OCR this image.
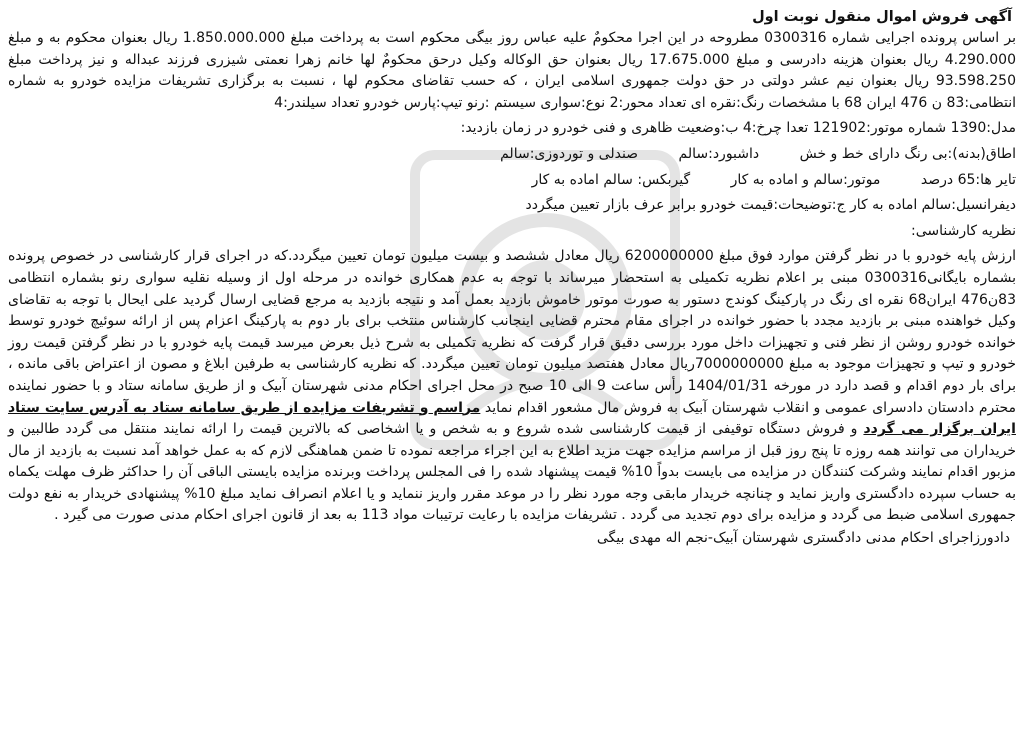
آگهی فروش اموال منقول نوبت اول

بر اساس پرونده اجرایی شماره 0300316 مطروحه در این اجرا محکومٌ علیه عباس روز بیگی محکوم است به پرداخت مبلغ 1.850.000.000 ریال بعنوان محکوم به و مبلغ 4.290.000 ریال بعنوان هزینه دادرسی و مبلغ 17.675.000 ریال بعنوان حق الوکاله وکیل درحق محکومٌ لها خانم زهرا نعمتی شیزری فرزند عبداله و نیز پرداخت مبلغ 93.598.250 ریال بعنوان نیم عشر دولتی در حق دولت جمهوری اسلامی ایران ، که حسب تقاضای محکوم لها ، نسبت به برگزاری تشریفات مزایده خودرو به شماره انتظامی:83 ن 476 ایران 68 با مشخصات رنگ:نقره ای تعداد محور:2 نوع:سواری سیستم :رنو تیپ:پارس خودرو تعداد سیلندر:4

مدل:1390 شماره موتور:121902 تعدا چرخ:4 ب:وضعیت ظاهری و فنی خودرو در زمان بازدید:
اطاق(بدنه):بی رنگ دارای خط و خش داشبورد:سالم صندلی و توردوزی:سالم
تایر ها:65 درصد موتور:سالم و اماده به کار گیربکس: سالم اماده به کار
دیفرانسیل:سالم اماده به کار ج:توضیحات:قیمت خودرو برابر عرف بازار تعیین میگردد
نظریه کارشناسی:

ارزش پایه خودرو با در نظر گرفتن موارد فوق مبلغ 6200000000 ریال معادل ششصد و بیست میلیون تومان تعیین میگردد.که در اجرای قرار کارشناسی در خصوص پرونده بشماره بایگانی0300316 مبنی بر اعلام نظریه تکمیلی به استحضار میرساند با توجه به عدم همکاری خوانده در مرحله اول از وسیله نقلیه سواری رنو بشماره انتظامی 83ن476 ایران68 نقره ای رنگ در پارکینگ کوندج دستور به صورت موتور خاموش بازدید بعمل آمد و نتیجه بازدید به مرجع قضایی ارسال گردید علی ایحال با توجه به تقاضای وکیل خواهنده مبنی بر بازدید مجدد با حضور خوانده در اجرای مقام محترم قضایی اینجانب کارشناس منتخب برای بار دوم به پارکینگ اعزام پس از ارائه سوئیچ خودرو توسط خوانده خودرو روشن از نظر فنی و تجهیزات داخل مورد بررسی دقیق قرار گرفت که نظریه تکمیلی به شرح ذیل بعرض میرسد قیمت پایه خودرو با در نظر گرفتن قیمت روز خودرو و تیپ و تجهیزات موجود به مبلغ 7000000000ریال معادل هفتصد میلیون تومان تعیین میگردد. که نظریه کارشناسی به طرفین ابلاغ و مصون از اعتراض باقی مانده ، برای بار دوم اقدام و قصد دارد در مورخه 1404/01/31 رأس ساعت 9 الی 10 صبح در محل اجرای احکام مدنی شهرستان آبیک و از طریق سامانه ستاد و با حضور نماینده محترم دادستان دادسرای عمومی و انقلاب شهرستان آبیک به فروش مال مشعور اقدام نماید مراسم و تشریفات مزایده از طریق سامانه ستاد به آدرس سایت ستاد ایران برگزار می گردد و فروش دستگاه توقیفی از قیمت کارشناسی شده شروع و به شخص و یا اشخاصی که بالاترین قیمت را ارائه نمایند منتقل می گردد طالبین و خریداران می توانند همه روزه تا پنج روز قبل از مراسم مزایده جهت مزید اطلاع به این اجراء مراجعه نموده تا ضمن هماهنگی لازم که به عمل خواهد آمد نسبت به بازدید از مال مزبور اقدام نمایند وشرکت کنندگان در مزایده می بایست بدواً 10% قیمت پیشنهاد شده را فی المجلس پرداخت وبرنده مزایده بایستی الباقی آن را حداکثر ظرف مهلت یکماه به حساب سپرده دادگستری واریز نماید و چنانچه خریدار مابقی وجه مورد نظر را در موعد مقرر واریز ننماید و یا اعلام انصراف نماید مبلغ 10% پیشنهادی خریدار به نفع دولت جمهوری اسلامی ضبط می گردد و مزایده برای دوم تجدید می گردد . تشریفات مزایده با رعایت ترتیبات مواد 113 به بعد از قانون اجرای احکام مدنی صورت می گیرد .

دادورزاجرای احکام مدنی دادگستری شهرستان آبیک-نجم اله مهدی بیگی
